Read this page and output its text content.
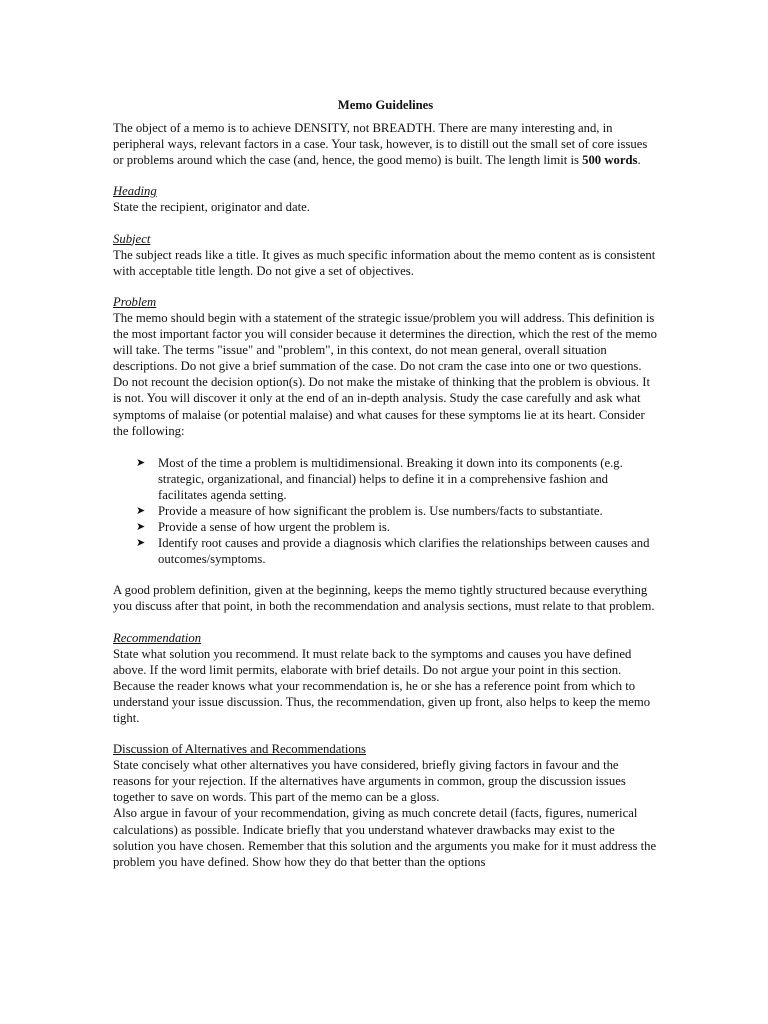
Memo Guidelines

The object of a memo is to achieve DENSITY, not BREADTH. There are many interesting and, in peripheral ways, relevant factors in a case. Your task, however, is to distill out the small set of core issues or problems around which the case (and, hence, the good memo) is built. The length limit is 500 words.

Heading

State the recipient, originator and date.

Subject

The subject reads like a title. It gives as much specific information about the memo content as is consistent with acceptable title length. Do not give a set of objectives.

Problem

The memo should begin with a statement of the strategic issue/problem you will address. This definition is the most important factor you will consider because it determines the direction, which the rest of the memo will take. The terms "issue" and "problem", in this context, do not mean general, overall situation descriptions. Do not give a brief summation of the case. Do not cram the case into one or two questions. Do not recount the decision option(s). Do not make the mistake of thinking that the problem is obvious. It is not. You will discover it only at the end of an in-depth analysis. Study the case carefully and ask what symptoms of malaise (or potential malaise) and what causes for these symptoms lie at its heart. Consider the following:

➤ Most of the time a problem is multidimensional. Breaking it down into its components (e.g. strategic, organizational, and financial) helps to define it in a comprehensive fashion and facilitates agenda setting.
➤ Provide a measure of how significant the problem is. Use numbers/facts to substantiate.
➤ Provide a sense of how urgent the problem is.
➤ Identify root causes and provide a diagnosis which clarifies the relationships between causes and outcomes/symptoms.

A good problem definition, given at the beginning, keeps the memo tightly structured because everything you discuss after that point, in both the recommendation and analysis sections, must relate to that problem.

Recommendation

State what solution you recommend. It must relate back to the symptoms and causes you have defined above. If the word limit permits, elaborate with brief details. Do not argue your point in this section. Because the reader knows what your recommendation is, he or she has a reference point from which to understand your issue discussion. Thus, the recommendation, given up front, also helps to keep the memo tight.

Discussion of Alternatives and Recommendations

State concisely what other alternatives you have considered, briefly giving factors in favour and the reasons for your rejection. If the alternatives have arguments in common, group the discussion issues together to save on words. This part of the memo can be a gloss.

Also argue in favour of your recommendation, giving as much concrete detail (facts, figures, numerical calculations) as possible. Indicate briefly that you understand whatever drawbacks may exist to the solution you have chosen. Remember that this solution and the arguments you make for it must address the problem you have defined. Show how they do that better than the options
